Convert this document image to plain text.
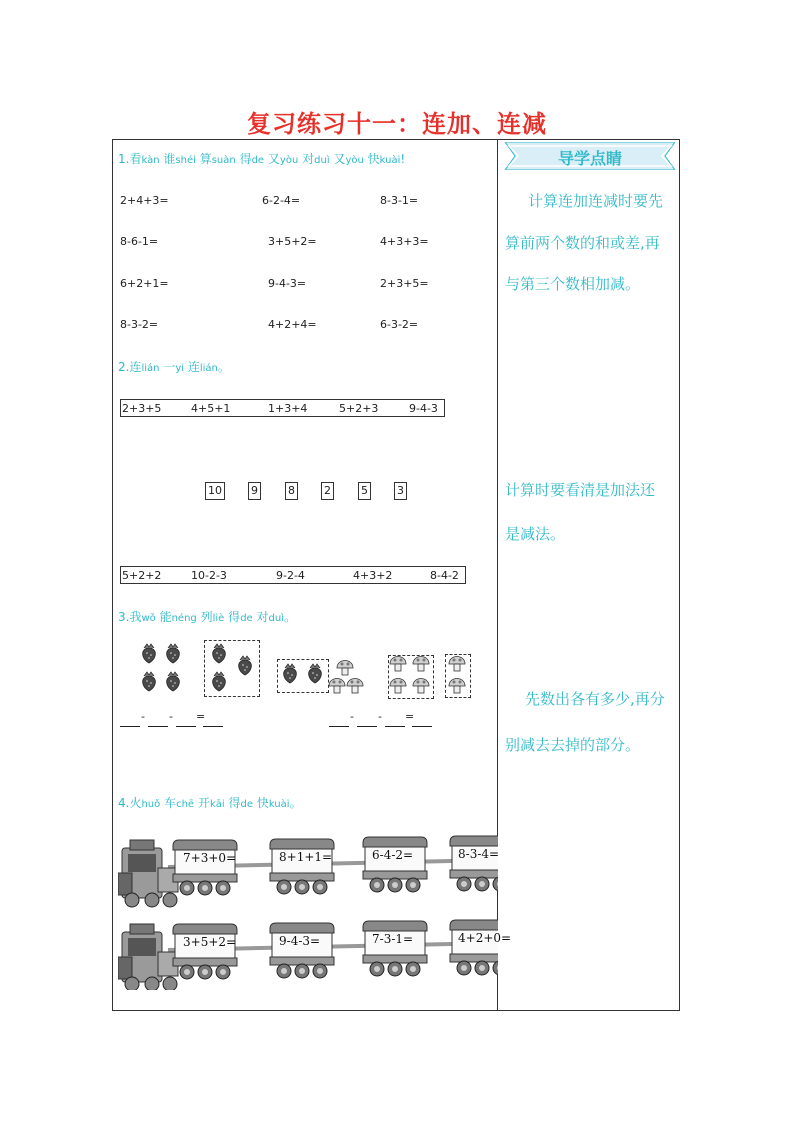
复习练习十一：连加、连减
1.看kàn 谁shéi 算suàn 得de 又yòu 对duì 又yòu 快kuài!
2+4+3=	6-2-4=	8-3-1=
8-6-1=	3+5+2=	4+3+3=
6+2+1=	9-4-3=	2+3+5=
8-3-2=	4+2+4=	6-3-2=
2.连lián 一yi 连lián。
2+3+5	4+5+1	1+3+4	5+2+3	9-4-3
10	9	8	2	5	3
5+2+2	10-2-3	9-2-4	4+3+2	8-4-2
3.我wǒ 能néng 列liè 得de 对duì。
- - =	- - =
4.火huǒ 车chē 开kāi 得de 快kuài。
7+3+0=	8+1+1=	6-4-2=	8-3-4=
3+5+2=	9-4-3=	7-3-1=	4+2+0=
导学点睛
计算连加连减时要先
算前两个数的和或差,再
与第三个数相加减。
计算时要看清是加法还
是减法。
先数出各有多少,再分
别减去去掉的部分。
